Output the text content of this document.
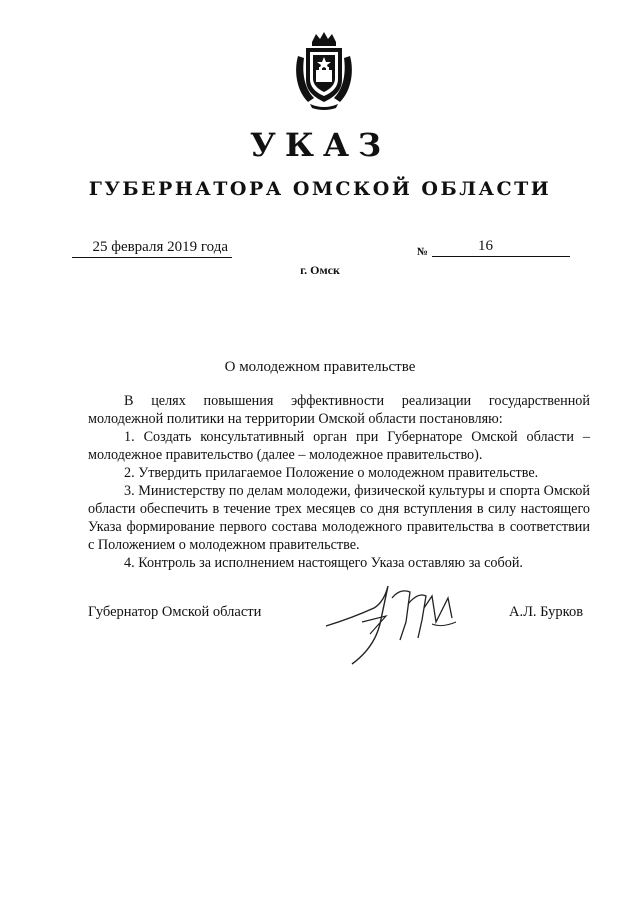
УКАЗ
ГУБЕРНАТОРА ОМСКОЙ ОБЛАСТИ
25 февраля 2019 года	№	16
г. Омск
О молодежном правительстве

В целях повышения эффективности реализации государственной молодежной политики на территории Омской области постановляю:

1. Создать консультативный орган при Губернаторе Омской области – молодежное правительство (далее – молодежное правительство).

2. Утвердить прилагаемое Положение о молодежном правительстве.

3. Министерству по делам молодежи, физической культуры и спорта Омской области обеспечить в течение трех месяцев со дня вступления в силу настоящего Указа формирование первого состава молодежного правительства в соответствии с Положением о молодежном правительстве.

4. Контроль за исполнением настоящего Указа оставляю за собой.

Губернатор Омской области	А.Л. Бурков
